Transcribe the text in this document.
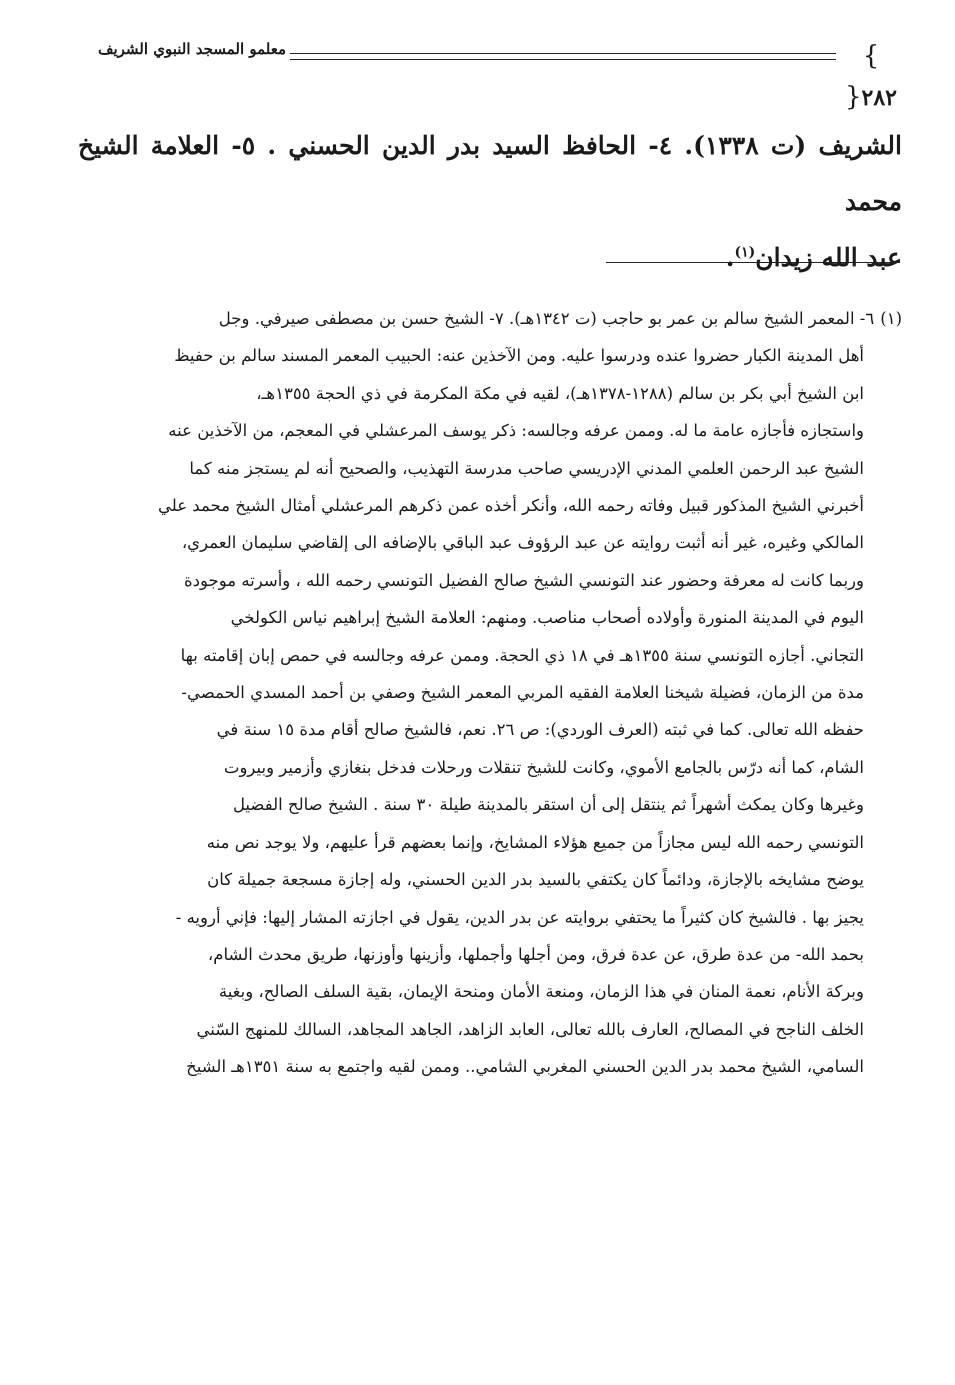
}٢٨٢{
معلمو المسجد النبوي الشريف

الشريف (ت ١٣٣٨). ٤- الحافظ السيد بدر الدين الحسني . ٥- العلامة الشيخ محمد

عبد الله زيدان$^{(١)}$.

(١)٦- المعمر الشيخ سالم بن عمر بو حاجب (ت ١٣٤٢هـ). ٧- الشيخ حسن بن مصطفى صيرفي. وجل
أهل المدينة الكبار حضروا عنده ودرسوا عليه. ومن الآخذين عنه: الحبيب المعمر المسند سالم بن حفيظ
ابن الشيخ أبي بكر بن سالم (١٢٨٨-١٣٧٨هـ)، لقيه في مكة المكرمة في ذي الحجة ١٣٥٥هـ،
واستجازه فأجازه عامة ما له. وممن عرفه وجالسه: ذكر يوسف المرعشلي في المعجم، من الآخذين عنه
الشيخ عبد الرحمن العلمي المدني الإدريسي صاحب مدرسة التهذيب، والصحيح أنه لم يستجز منه كما
أخبرني الشيخ المذكور قبيل وفاته رحمه الله، وأنكر أخذه عمن ذكرهم المرعشلي أمثال الشيخ محمد علي
المالكي وغيره، غير أنه أثبت روايته عن عبد الرؤوف عبد الباقي بالإضافه الى إلقاضي سليمان العمري،
وربما كانت له معرفة وحضور عند التونسي الشيخ صالح الفضيل التونسي رحمه الله ، وأسرته موجودة
اليوم في المدينة المنورة وأولاده أصحاب مناصب. ومنهم: العلامة الشيخ إبراهيم نياس الكولخي
التجاني. أجازه التونسي سنة ١٣٥٥هـ في ١٨ ذي الحجة. وممن عرفه وجالسه في حمص إبان إقامته بها
مدة من الزمان، فضيلة شيخنا العلامة الفقيه المربي المعمر الشيخ وصفي بن أحمد المسدي الحمصي-
حفظه الله تعالى. كما في ثبته (العرف الوردي): ص ٢٦. نعم، فالشيخ صالح أقام مدة ١٥ سنة في
الشام، كما أنه درّس بالجامع الأموي، وكانت للشيخ تنقلات ورحلات فدخل بنغازي وأزمير وبيروت
وغيرها وكان يمكث أشهراً ثم ينتقل إلى أن استقر بالمدينة طيلة ٣٠ سنة . الشيخ صالح الفضيل
التونسي رحمه الله ليس مجازاً من جميع هؤلاء المشايخ، وإنما بعضهم قرأ عليهم، ولا يوجد نص منه
يوضح مشايخه بالإجازة، ودائماً كان يكتفي بالسيد بدر الدين الحسني، وله إجازة مسجعة جميلة كان
يجيز بها . فالشيخ كان كثيراً ما يحتفي بروايته عن بدر الدين، يقول في اجازته المشار إليها: فإني أرويه -
بحمد الله- من عدة طرق، عن عدة فرق، ومن أجلها وأجملها، وأزينها وأوزنها، طريق محدث الشام،
وبركة الأنام، نعمة المنان في هذا الزمان، ومنعة الأمان ومنحة الإيمان، بقية السلف الصالح، وبغية
الخلف الناجح في المصالح، العارف بالله تعالى، العابد الزاهد، الجاهد المجاهد، السالك للمنهج السّني
السامي، الشيخ محمد بدر الدين الحسني المغربي الشامي.. وممن لقيه واجتمع به سنة ١٣٥١هـ الشيخ
